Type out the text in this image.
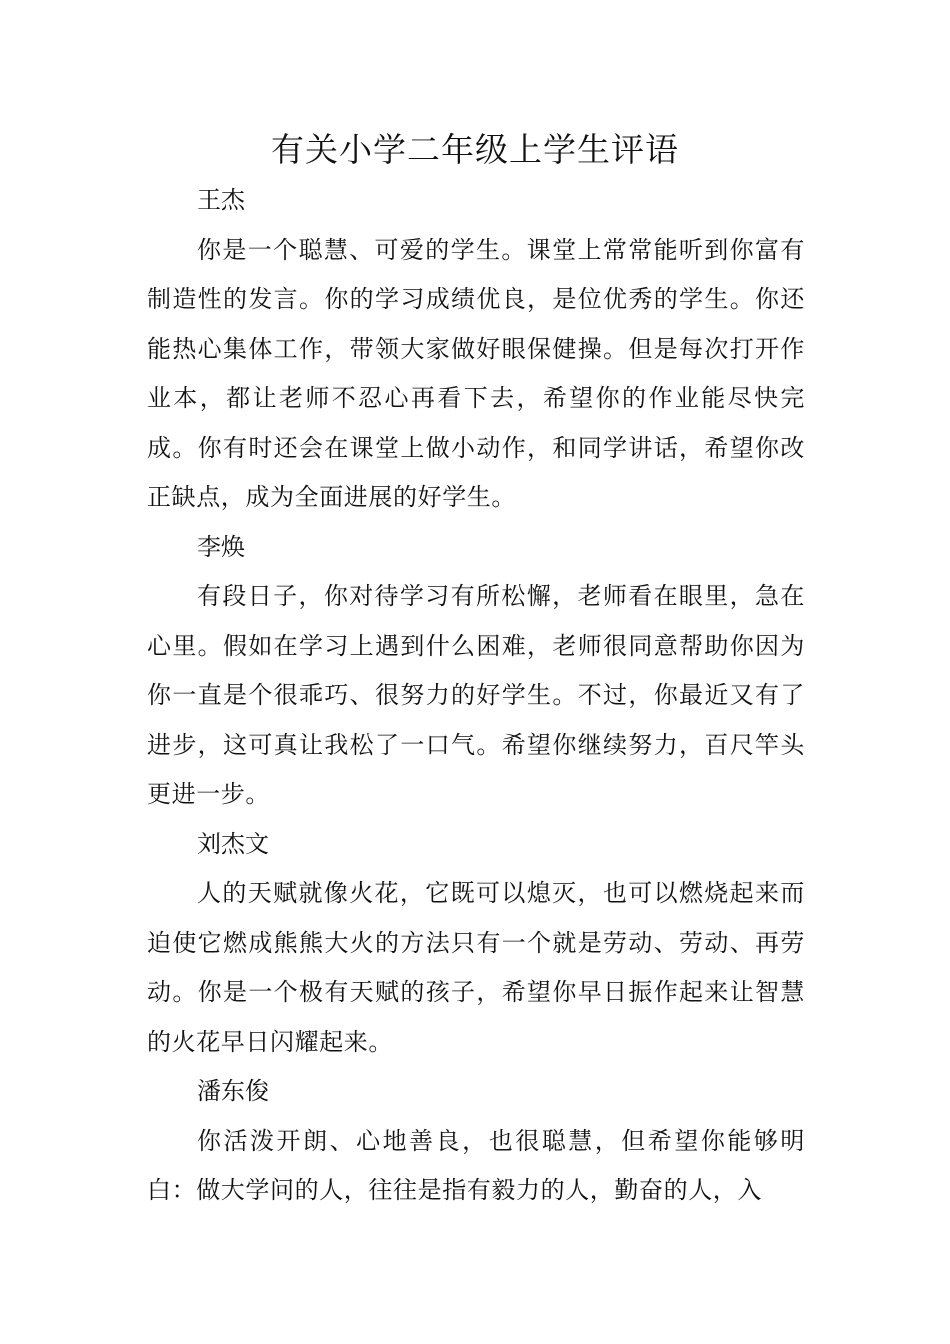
有关小学二年级上学生评语

王杰

你是一个聪慧、可爱的学生。课堂上常常能听到你富有制造性的发言。你的学习成绩优良，是位优秀的学生。你还能热心集体工作，带领大家做好眼保健操。但是每次打开作业本，都让老师不忍心再看下去，希望你的作业能尽快完成。你有时还会在课堂上做小动作，和同学讲话，希望你改正缺点，成为全面进展的好学生。

李焕

有段日子，你对待学习有所松懈，老师看在眼里，急在心里。假如在学习上遇到什么困难，老师很同意帮助你因为你一直是个很乖巧、很努力的好学生。不过，你最近又有了进步，这可真让我松了一口气。希望你继续努力，百尺竿头更进一步。

刘杰文

人的天赋就像火花，它既可以熄灭，也可以燃烧起来而迫使它燃成熊熊大火的方法只有一个就是劳动、劳动、再劳动。你是一个极有天赋的孩子，希望你早日振作起来让智慧的火花早日闪耀起来。

潘东俊

你活泼开朗、心地善良，也很聪慧，但希望你能够明白：做大学问的人，往往是指有毅力的人，勤奋的人，入
